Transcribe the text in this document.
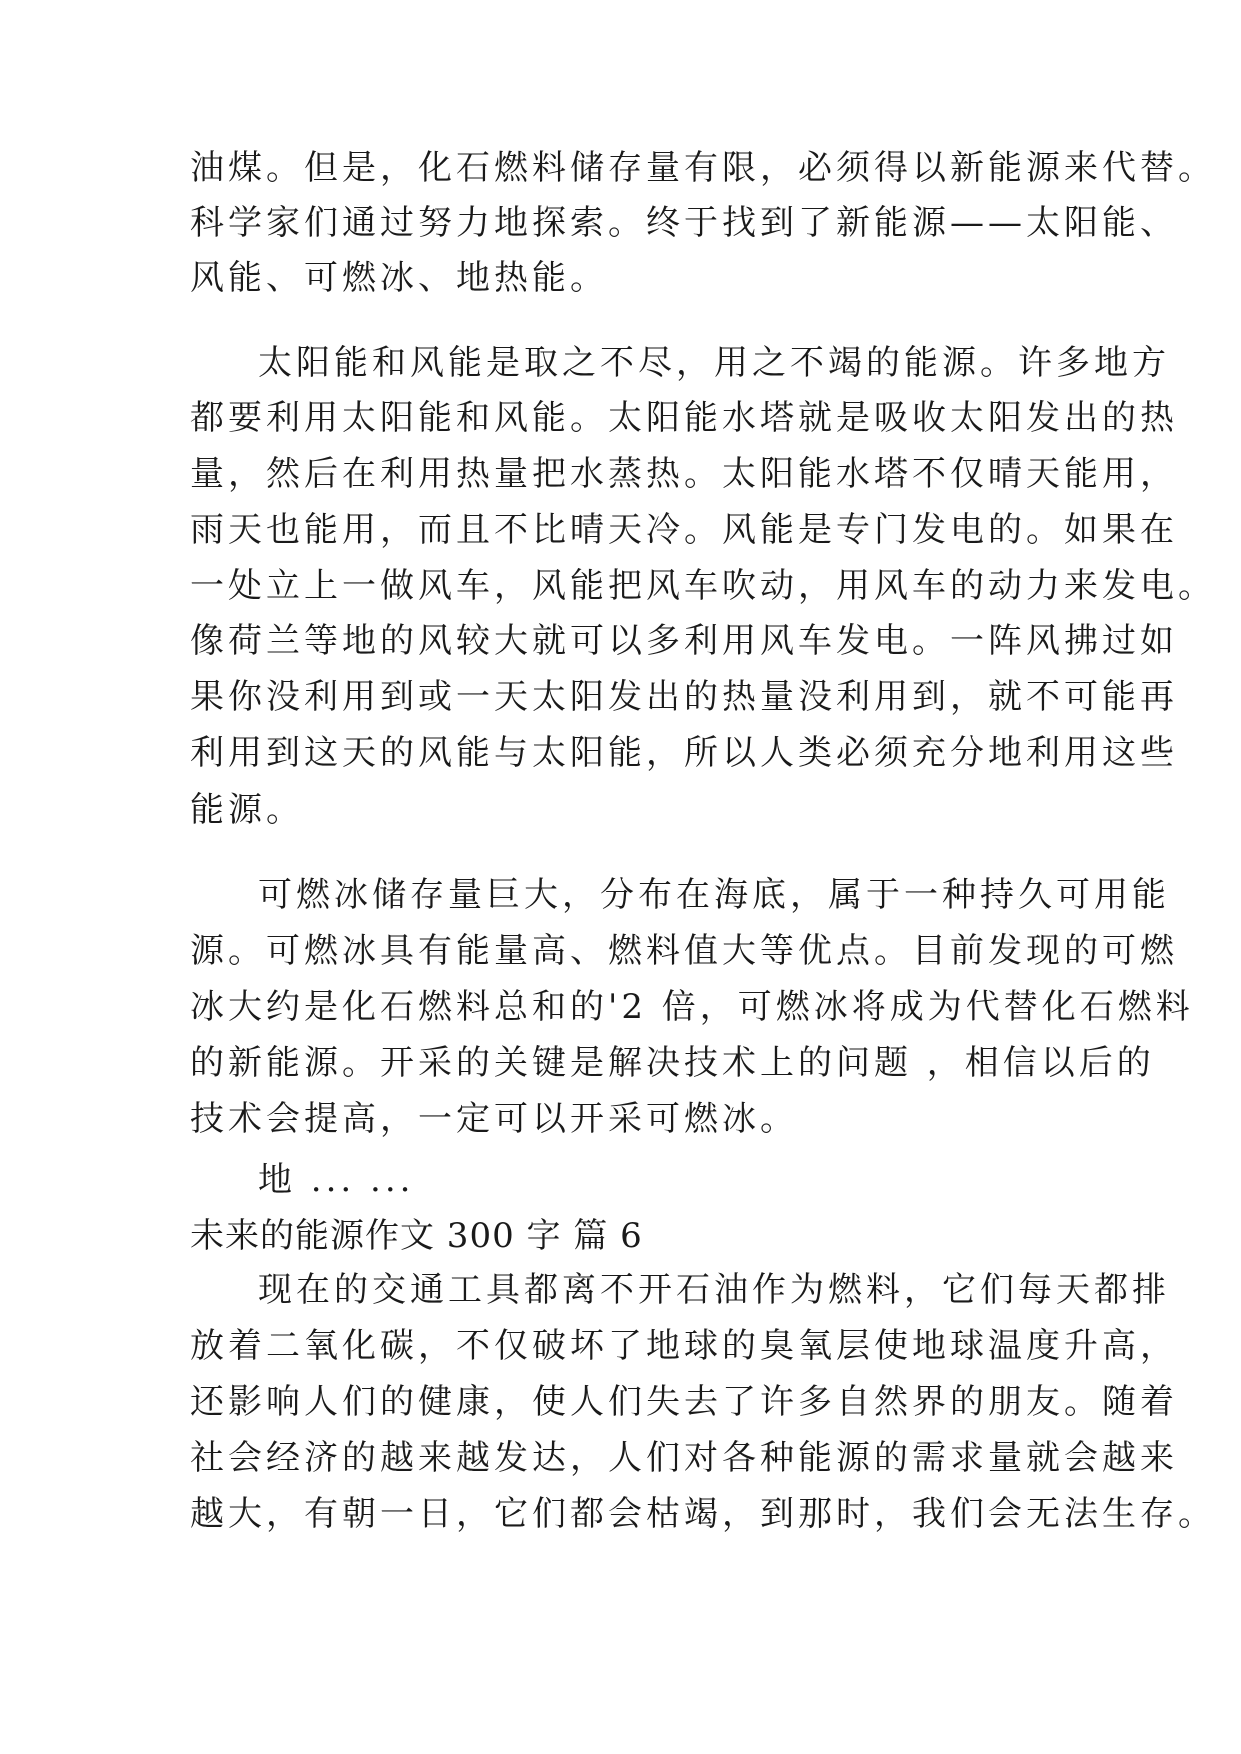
油煤。但是，化石燃料储存量有限，必须得以新能源来代替。
科学家们通过努力地探索。终于找到了新能源——太阳能、
风能、可燃冰、地热能。
太阳能和风能是取之不尽，用之不竭的能源。许多地方
都要利用太阳能和风能。太阳能水塔就是吸收太阳发出的热
量，然后在利用热量把水蒸热。太阳能水塔不仅晴天能用，
雨天也能用，而且不比晴天冷。风能是专门发电的。如果在
一处立上一做风车，风能把风车吹动，用风车的动力来发电。
像荷兰等地的风较大就可以多利用风车发电。一阵风拂过如
果你没利用到或一天太阳发出的热量没利用到，就不可能再
利用到这天的风能与太阳能，所以人类必须充分地利用这些
能源。
可燃冰储存量巨大，分布在海底，属于一种持久可用能
源。可燃冰具有能量高、燃料值大等优点。目前发现的可燃
冰大约是化石燃料总和的'2 倍，可燃冰将成为代替化石燃料
的新能源。开采的关键是解决技术上的问题 ，相信以后的
技术会提高，一定可以开采可燃冰。
地 ... ...
未来的能源作文 300 字 篇 6
现在的交通工具都离不开石油作为燃料，它们每天都排
放着二氧化碳，不仅破坏了地球的臭氧层使地球温度升高，
还影响人们的健康，使人们失去了许多自然界的朋友。随着
社会经济的越来越发达，人们对各种能源的需求量就会越来
越大，有朝一日，它们都会枯竭，到那时，我们会无法生存。
